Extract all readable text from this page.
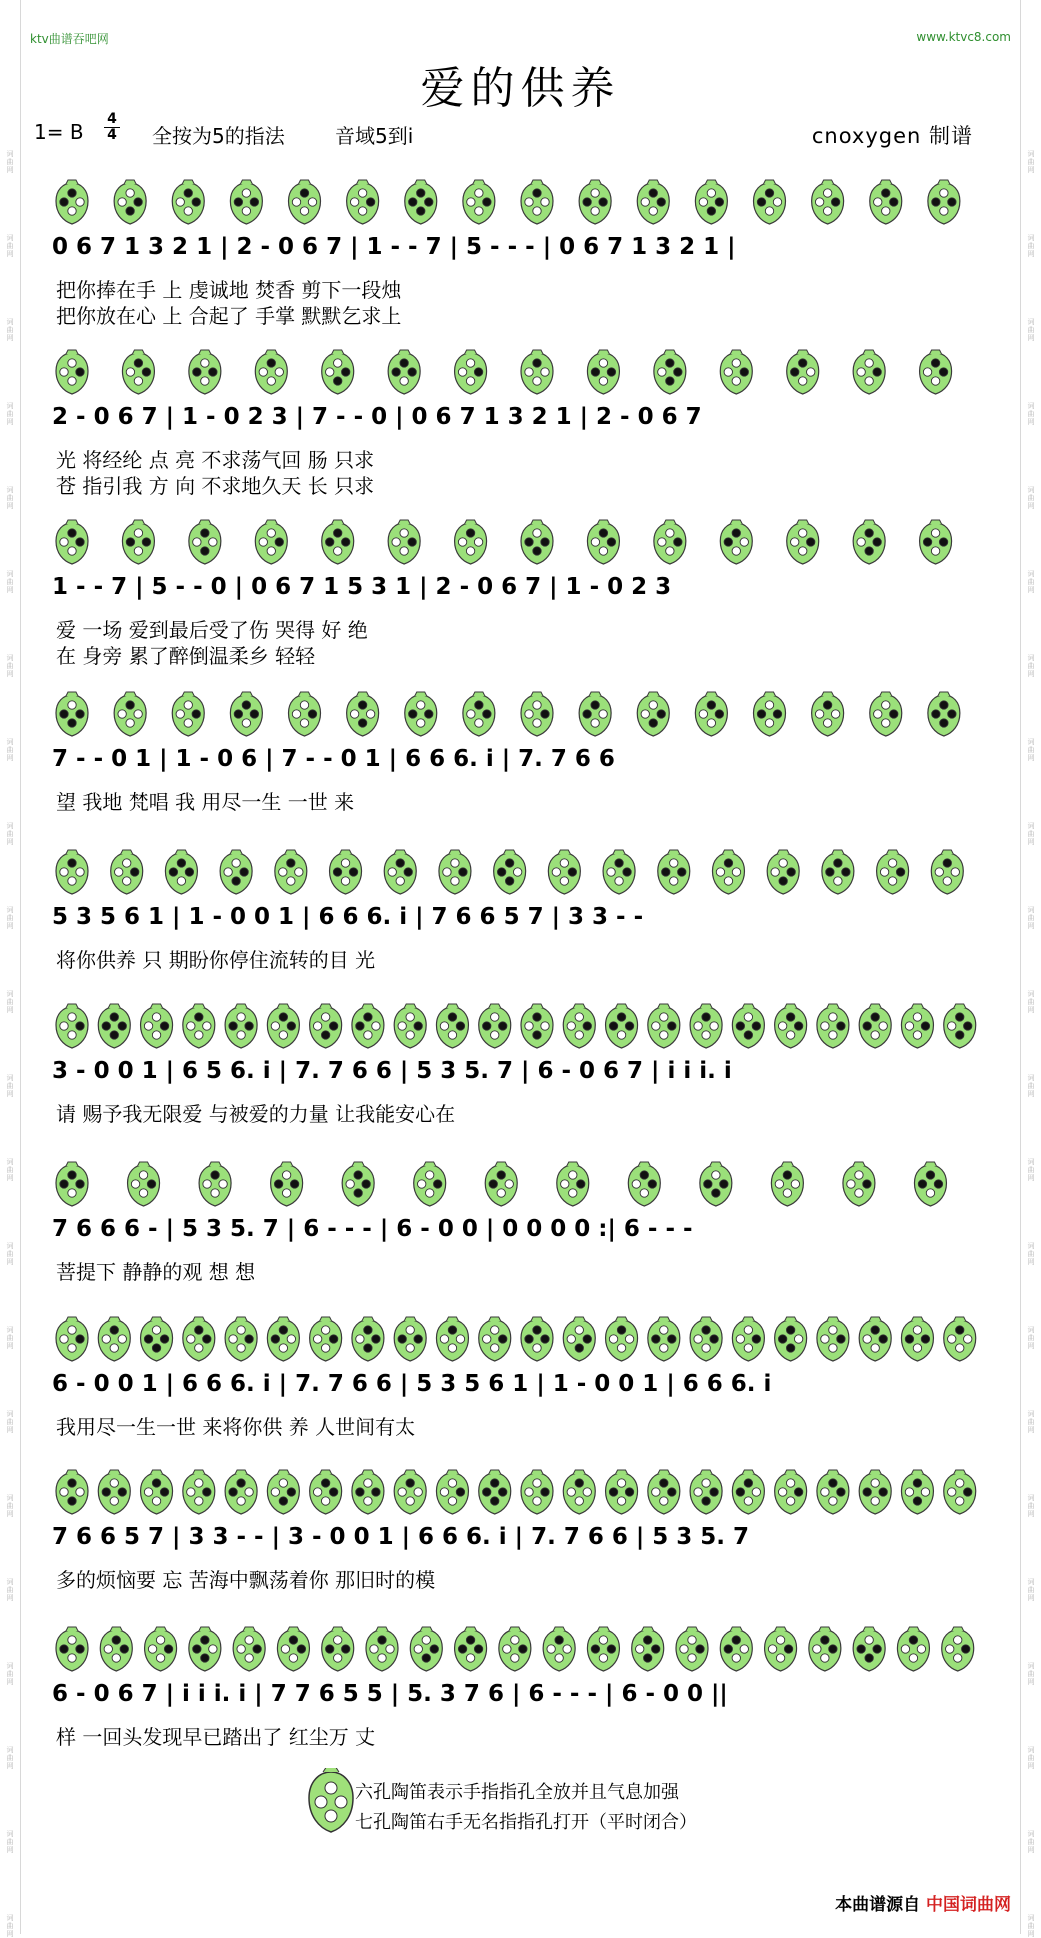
ktv曲谱吞吧网	www.ktvc8.com
爱的供养
1= B
4
4 全按为5的指法	音域5到i	cnoxygen 制谱
0 6 7 1 3 2 1 | 2 - 0 6 7 | 1 - - 7 | 5 - - - | 0 6 7 1 3 2 1 |
把你捧在手 上 虔诚地 焚香 剪下一段烛
把你放在心 上 合起了 手掌 默默乞求上
2 - 0 6 7 | 1 - 0 2 3 | 7 - - 0 | 0 6 7 1 3 2 1 | 2 - 0 6 7
光 将经纶 点 亮 不求荡气回 肠 只求
苍 指引我 方 向 不求地久天 长 只求
1 - - 7 | 5 - - 0 | 0 6 7 1 5 3 1 | 2 - 0 6 7 | 1 - 0 2 3
爱 一场 爱到最后受了伤 哭得 好 绝
在 身旁 累了醉倒温柔乡 轻轻
7 - - 0 1 | 1 - 0 6 | 7 - - 0 1 | 6 6 6. i | 7. 7 6 6
望 我地 梵唱 我 用尽一生 一世 来
5 3 5 6 1 | 1 - 0 0 1 | 6 6 6. i | 7 6 6 5 7 | 3 3 - -
将你供养 只 期盼你停住流转的目 光
3 - 0 0 1 | 6 5 6. i | 7. 7 6 6 | 5 3 5. 7 | 6 - 0 6 7 | i i i. i
请 赐予我无限爱 与被爱的力量 让我能安心在
7 6 6 6 - | 5 3 5. 7 | 6 - - - | 6 - 0 0 | 0 0 0 0 :| 6 - - -
菩提下 静静的观 想 想
6 - 0 0 1 | 6 6 6. i | 7. 7 6 6 | 5 3 5 6 1 | 1 - 0 0 1 | 6 6 6. i
我用尽一生一世 来将你供 养 人世间有太
7 6 6 5 7 | 3 3 - - | 3 - 0 0 1 | 6 6 6. i | 7. 7 6 6 | 5 3 5. 7
多的烦恼要 忘 苦海中飘荡着你 那旧时的模
6 - 0 6 7 | i i i. i | 7 7 6 5 5 | 5. 3 7 6 | 6 - - - | 6 - 0 0 ||
样 一回头发现早已踏出了 红尘万 丈
六孔陶笛表示手指指孔全放并且气息加强
七孔陶笛右手无名指指孔打开（平时闭合）
本曲谱源自 中国词曲网
词
曲
网
词
曲
网
词
曲
网
词
曲
网
词
曲
网
词
曲
网
词
曲
网
词
曲
网
词
曲
网
词
曲
网
词
曲
网
词
曲
网
词
曲
网
词
曲
网
词
曲
网
词
曲
网
词
曲
网
词
曲
网
词
曲
网
词
曲
网
词
曲
网
词
曲
网
词
曲
网
词
曲
网
词
曲
网
词
曲
网
词
曲
网
词
曲
网
词
曲
网
词
曲
网
词
曲
网
词
曲
网
词
曲
网
词
曲
网
词
曲
网
词
曲
网
词
曲
网
词
曲
网
词
曲
网
词
曲
网
词
曲
网
词
曲
网
词
曲
网
词
曲
网
